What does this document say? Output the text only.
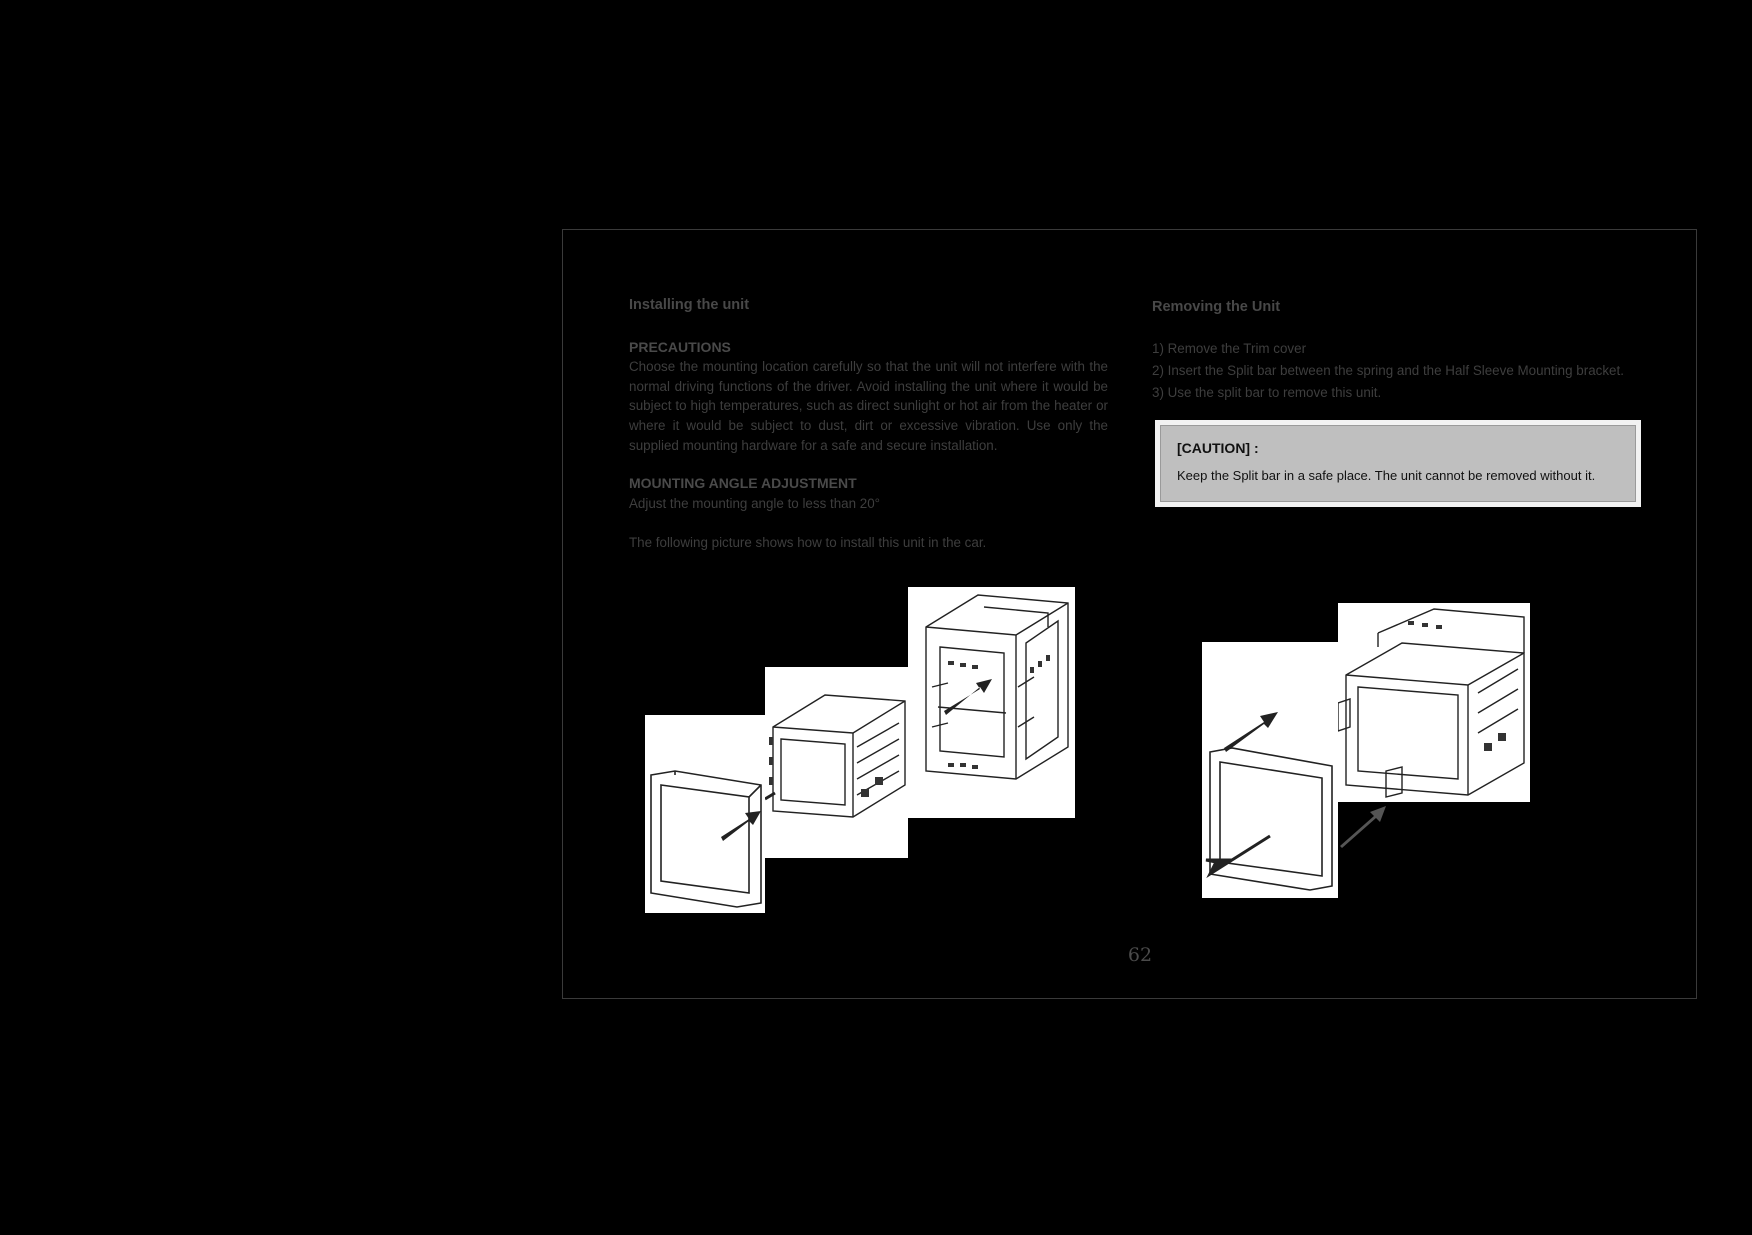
Installing the unit

PRECAUTIONS

Choose the mounting location carefully so that the unit will not interfere with the normal driving functions of the driver. Avoid installing the unit where it would be subject to high temperatures, such as direct sunlight or hot air from the heater or where it would be subject to dust, dirt or excessive vibration. Use only the supplied mounting hardware for a safe and secure installation.

MOUNTING ANGLE ADJUSTMENT

Adjust the mounting angle to less than 20°

The following picture shows how to install this unit in the car.

Removing the Unit

1) Remove the Trim cover

2) Insert the Split bar between the spring and the Half Sleeve Mounting bracket.

3) Use the split bar to remove this unit.

[CAUTION] :

Keep the Split bar in a safe place. The unit cannot be removed without it.

62
